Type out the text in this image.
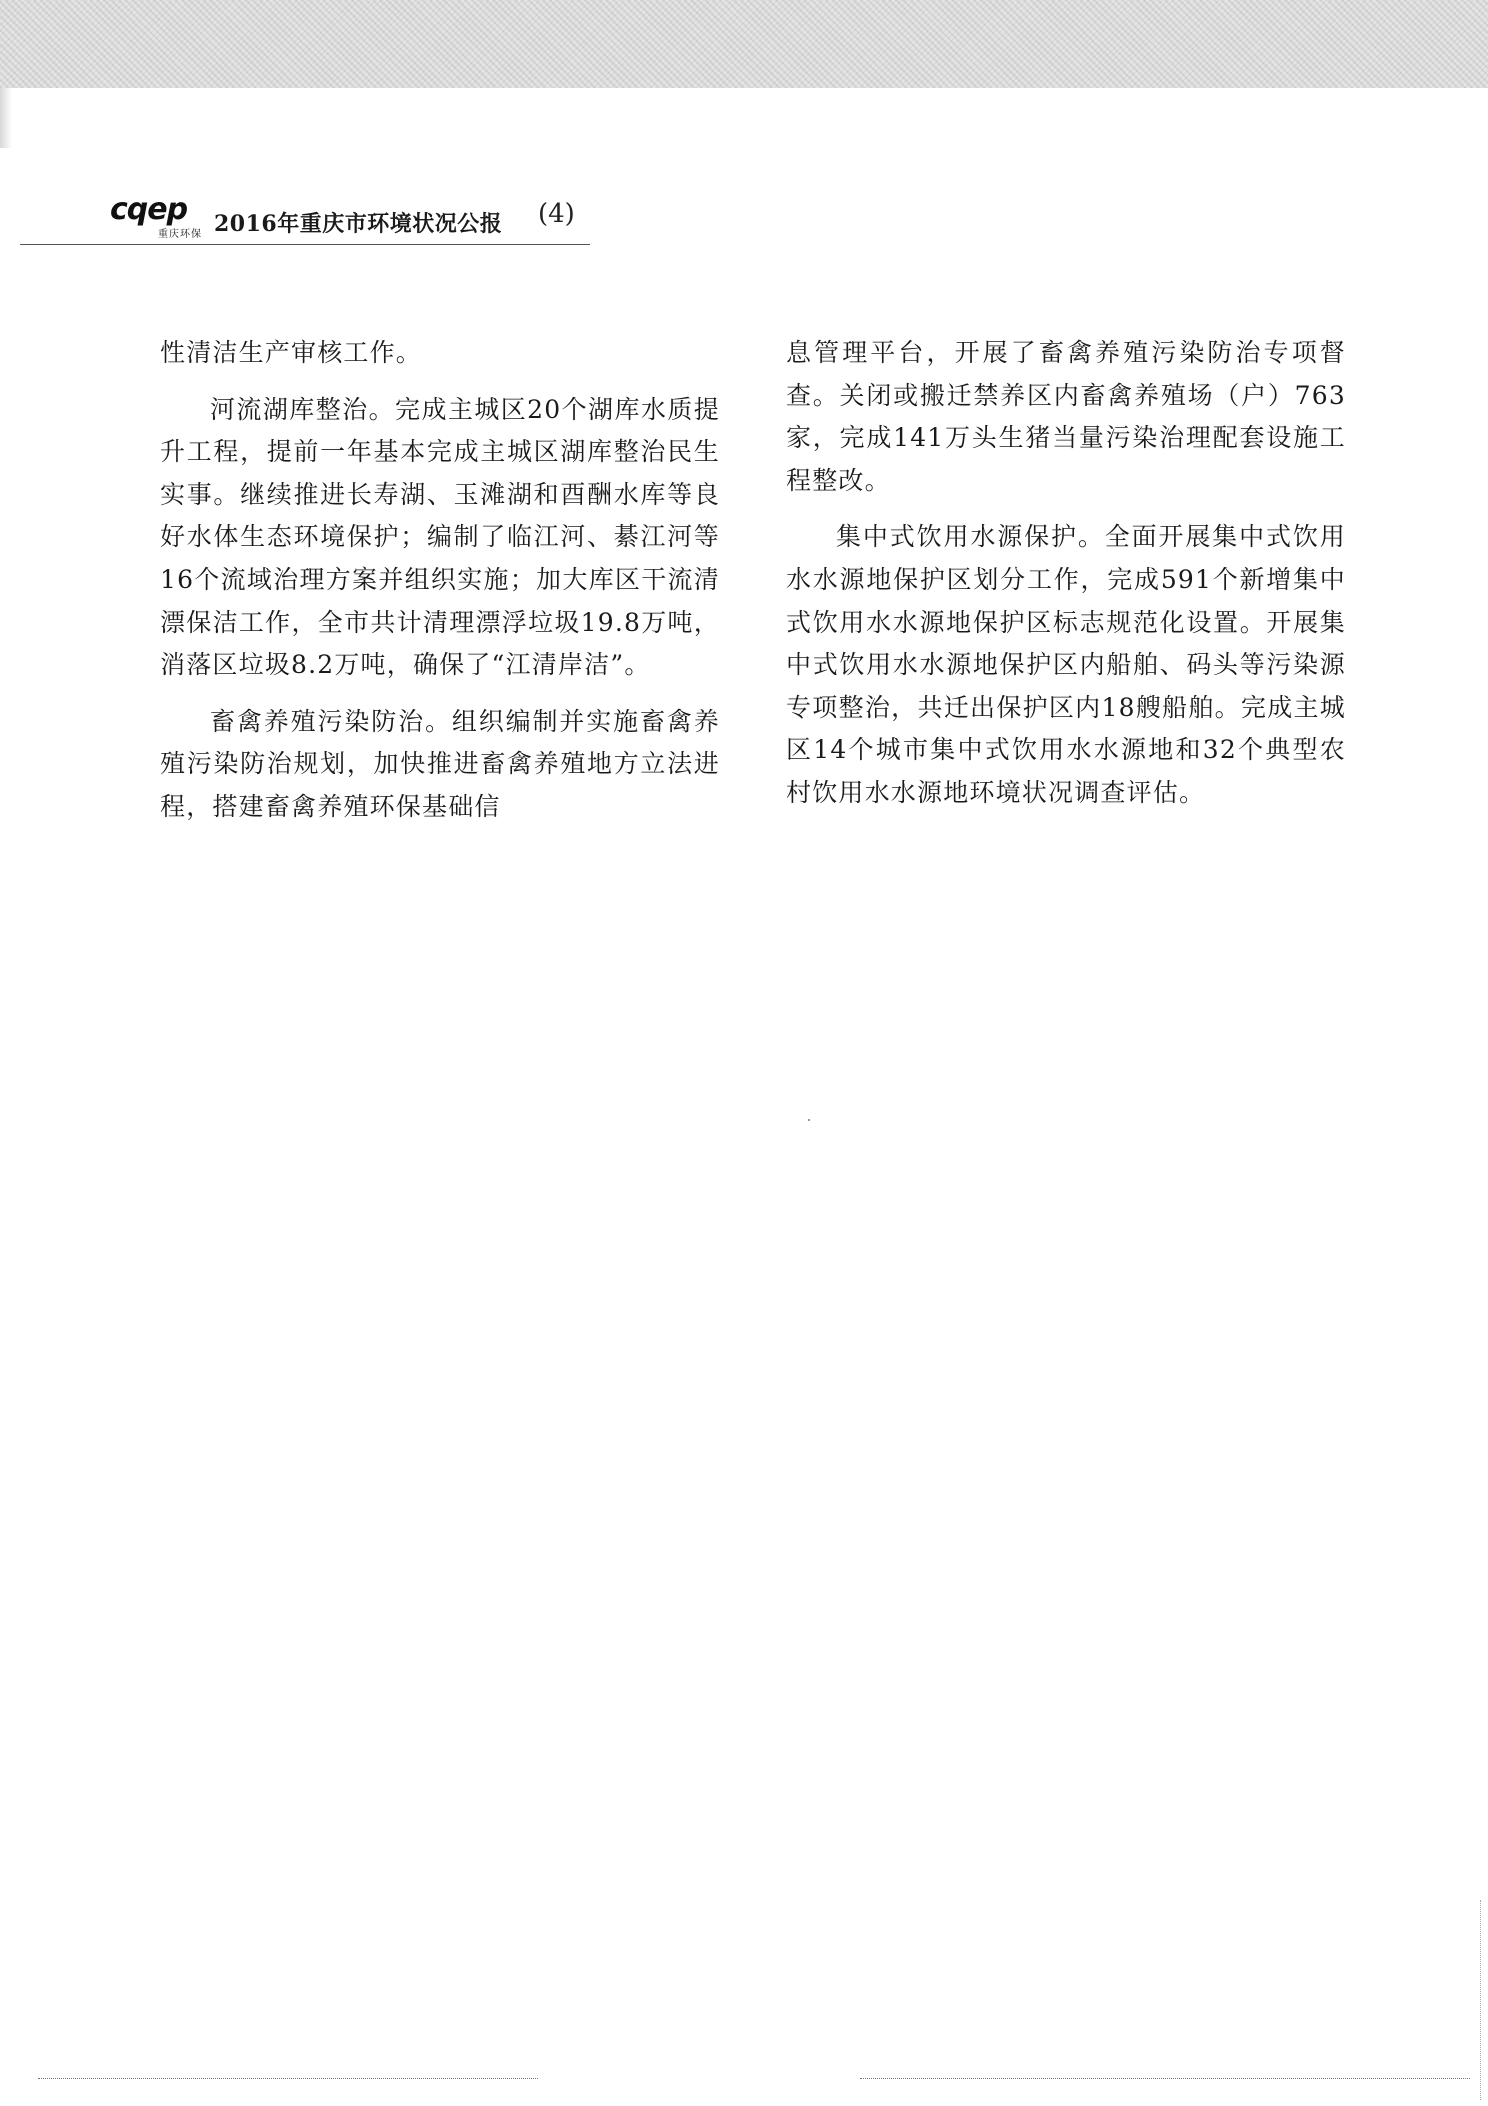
cqep
重庆环保 2016年重庆市环境状况公报 (4)

性清洁生产审核工作。

河流湖库整治。完成主城区20个湖库水质提升工程，提前一年基本完成主城区湖库整治民生实事。继续推进长寿湖、玉滩湖和酉酬水库等良好水体生态环境保护；编制了临江河、綦江河等16个流域治理方案并组织实施；加大库区干流清漂保洁工作，全市共计清理漂浮垃圾19.8万吨，消落区垃圾8.2万吨，确保了“江清岸洁”。

畜禽养殖污染防治。组织编制并实施畜禽养殖污染防治规划，加快推进畜禽养殖地方立法进程，搭建畜禽养殖环保基础信

息管理平台，开展了畜禽养殖污染防治专项督查。关闭或搬迁禁养区内畜禽养殖场（户）763家，完成141万头生猪当量污染治理配套设施工程整改。

集中式饮用水源保护。全面开展集中式饮用水水源地保护区划分工作，完成591个新增集中式饮用水水源地保护区标志规范化设置。开展集中式饮用水水源地保护区内船舶、码头等污染源专项整治，共迁出保护区内18艘船舶。完成主城区14个城市集中式饮用水水源地和32个典型农村饮用水水源地环境状况调查评估。
